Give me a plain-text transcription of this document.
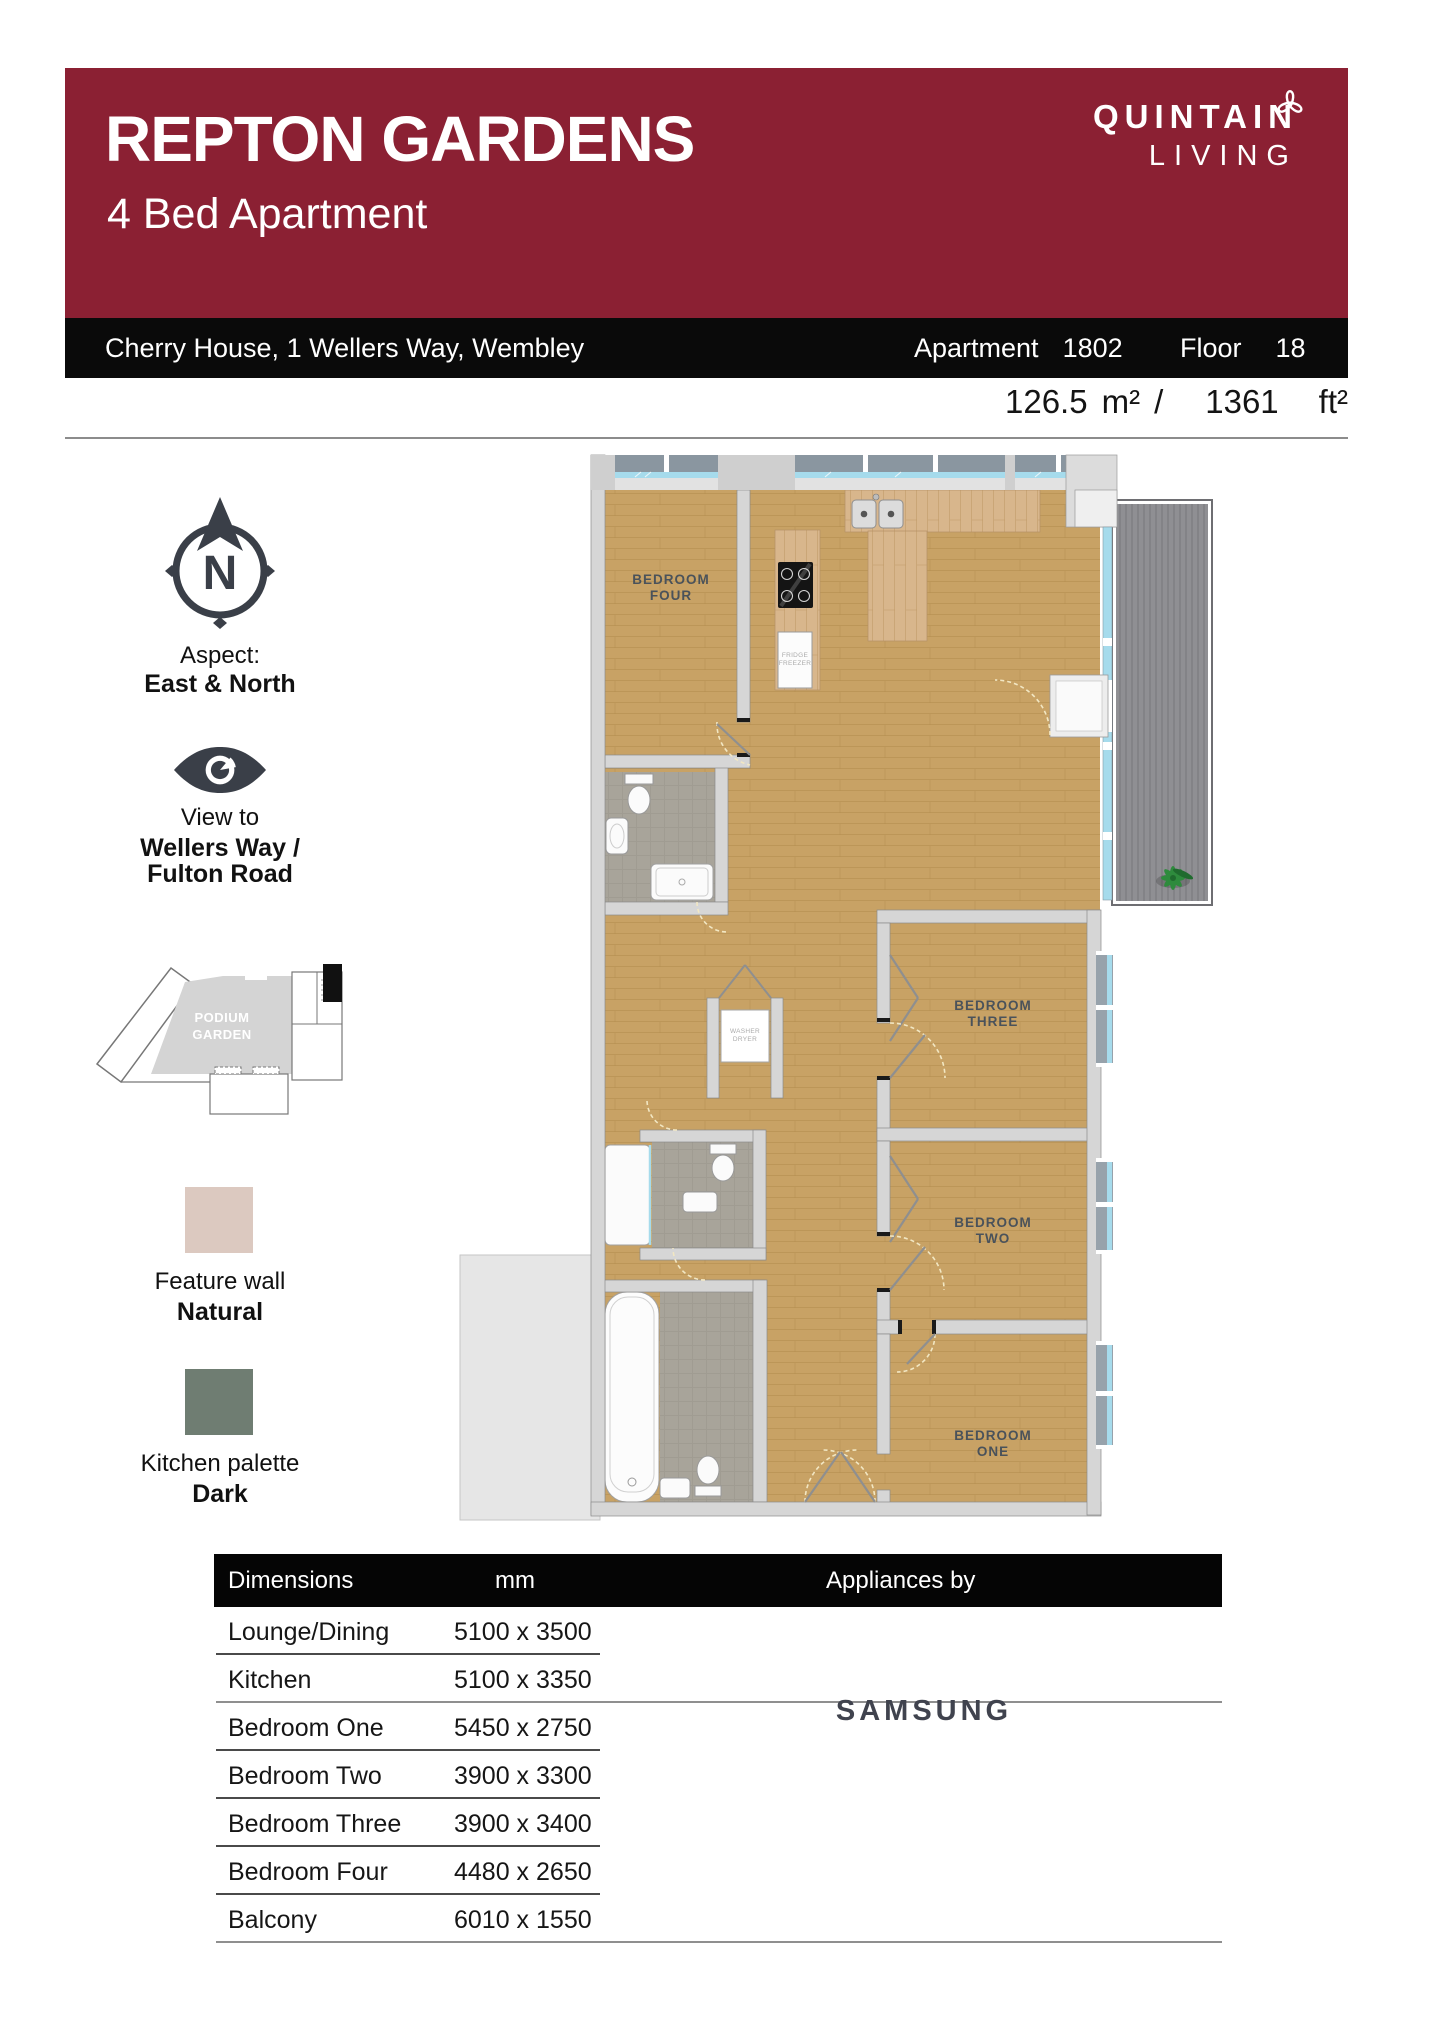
REPTON GARDENS
4 Bed Apartment
QUINTAIN
LIVING
Cherry House, 1 Wellers Way, Wembley	Apartment 1802 Floor 18
126.5 m² / 1361 ft²
N
Aspect:
East & North
View to
Wellers Way /
Fulton Road
PODIUM
GARDEN
Feature wall
Natural
Kitchen palette
Dark
FRIDGE
FREEZER
WASHER
DRYER
BEDROOM
FOUR
BEDROOM
THREE
BEDROOM
TWO
BEDROOM
ONE
Dimensions	mm	Appliances by
Lounge/Dining	5100 x 3500
Kitchen	5100 x 3350
Bedroom One	5450 x 2750
Bedroom Two	3900 x 3300
Bedroom Three 3900 x 3400
Bedroom Four	4480 x 2650
Balcony	6010 x 1550
SAMSUNG
